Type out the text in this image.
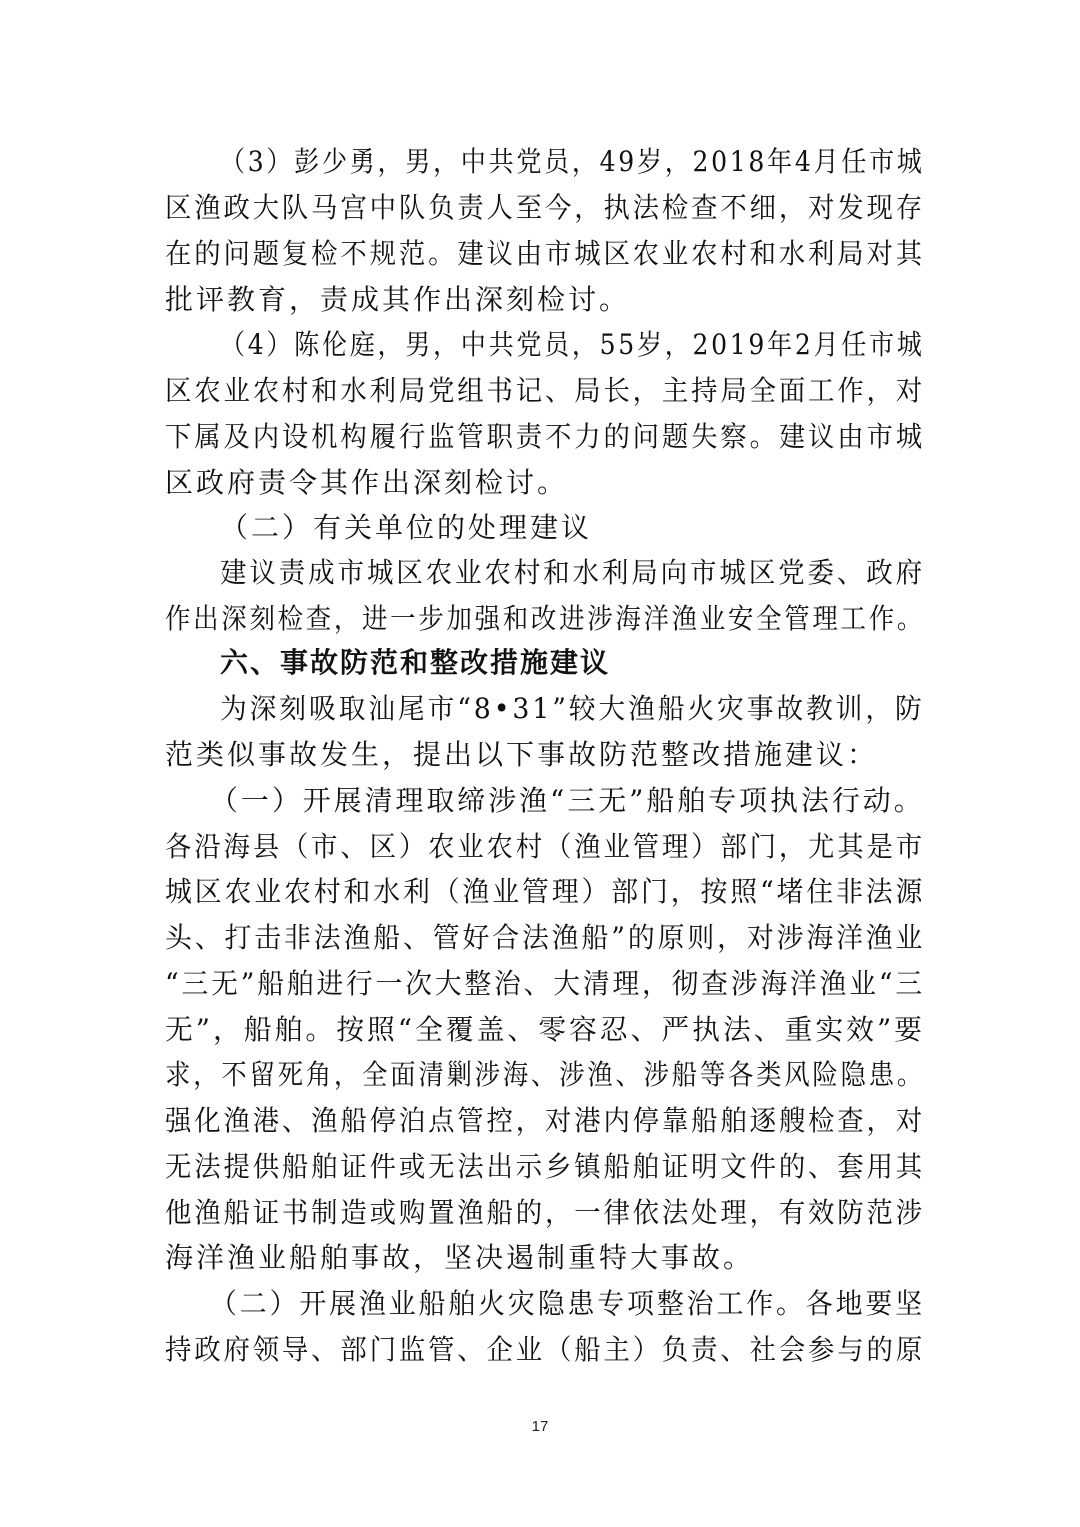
（3）彭少勇，男，中共党员，49岁，2018年4月任市城
区渔政大队马宫中队负责人至今，执法检查不细，对发现存
在的问题复检不规范。建议由市城区农业农村和水利局对其
批评教育，责成其作出深刻检讨。
（4）陈伦庭，男，中共党员，55岁，2019年2月任市城
区农业农村和水利局党组书记、局长，主持局全面工作，对
下属及内设机构履行监管职责不力的问题失察。建议由市城
区政府责令其作出深刻检讨。
（二）有关单位的处理建议
建议责成市城区农业农村和水利局向市城区党委、政府
作出深刻检查，进一步加强和改进涉海洋渔业安全管理工作。
六、事故防范和整改措施建议
为深刻吸取汕尾市“8•31”较大渔船火灾事故教训，防
范类似事故发生，提出以下事故防范整改措施建议：
（一）开展清理取缔涉渔“三无”船舶专项执法行动。
各沿海县（市、区）农业农村（渔业管理）部门，尤其是市
城区农业农村和水利（渔业管理）部门，按照“堵住非法源
头、打击非法渔船、管好合法渔船”的原则，对涉海洋渔业
“三无”船舶进行一次大整治、大清理，彻查涉海洋渔业“三
无”，船舶。按照“全覆盖、零容忍、严执法、重实效”要
求，不留死角，全面清剿涉海、涉渔、涉船等各类风险隐患。
强化渔港、渔船停泊点管控，对港内停靠船舶逐艘检查，对
无法提供船舶证件或无法出示乡镇船舶证明文件的、套用其
他渔船证书制造或购置渔船的，一律依法处理，有效防范涉
海洋渔业船舶事故，坚决遏制重特大事故。
（二）开展渔业船舶火灾隐患专项整治工作。各地要坚
持政府领导、部门监管、企业（船主）负责、社会参与的原
17
